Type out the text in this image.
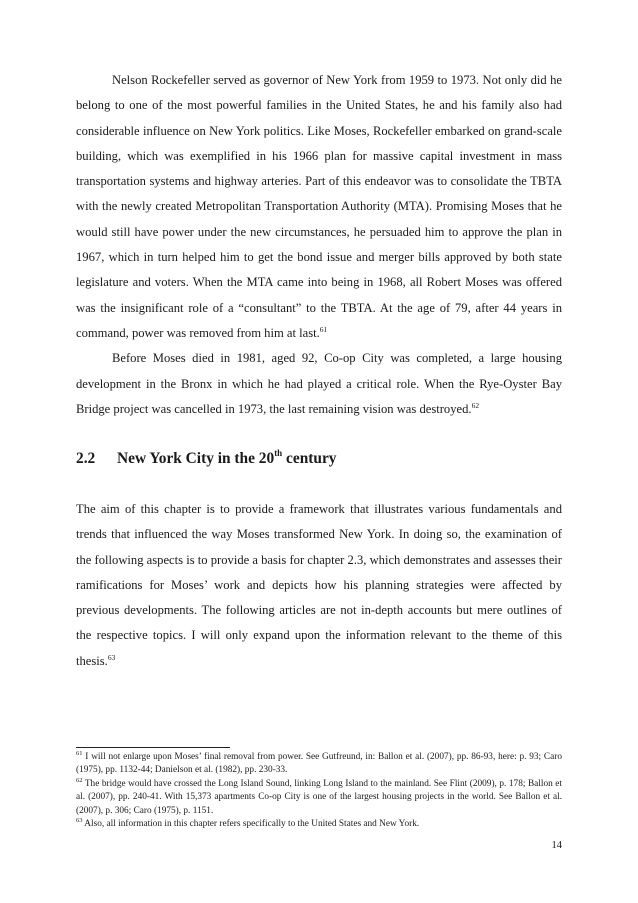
Nelson Rockefeller served as governor of New York from 1959 to 1973. Not only did he belong to one of the most powerful families in the United States, he and his family also had considerable influence on New York politics. Like Moses, Rockefeller embarked on grand-scale building, which was exemplified in his 1966 plan for massive capital investment in mass transportation systems and highway arteries. Part of this endeavor was to consolidate the TBTA with the newly created Metropolitan Transportation Authority (MTA). Promising Moses that he would still have power under the new circumstances, he persuaded him to approve the plan in 1967, which in turn helped him to get the bond issue and merger bills approved by both state legislature and voters. When the MTA came into being in 1968, all Robert Moses was offered was the insignificant role of a “consultant” to the TBTA. At the age of 79, after 44 years in command, power was removed from him at last.$^{61}$

Before Moses died in 1981, aged 92, Co-op City was completed, a large housing development in the Bronx in which he had played a critical role. When the Rye-Oyster Bay Bridge project was cancelled in 1973, the last remaining vision was destroyed.$^{62}$

2.2 New York City in the 20th century

The aim of this chapter is to provide a framework that illustrates various fundamentals and trends that influenced the way Moses transformed New York. In doing so, the examination of the following aspects is to provide a basis for chapter 2.3, which demonstrates and assesses their ramifications for Moses’ work and depicts how his planning strategies were affected by previous developments. The following articles are not in-depth accounts but mere outlines of the respective topics. I will only expand upon the information relevant to the theme of this thesis.$^{63}$

$^{61}$ I will not enlarge upon Moses’ final removal from power. See Gutfreund, in: Ballon et al. (2007), pp. 86-93, here: p. 93; Caro (1975), pp. 1132-44; Danielson et al. (1982), pp. 230-33.

$^{62}$ The bridge would have crossed the Long Island Sound, linking Long Island to the mainland. See Flint (2009), p. 178; Ballon et al. (2007), pp. 240-41. With 15,373 apartments Co-op City is one of the largest housing projects in the world. See Ballon et al. (2007), p. 306; Caro (1975), p. 1151.

$^{63}$ Also, all information in this chapter refers specifically to the United States and New York.

14
